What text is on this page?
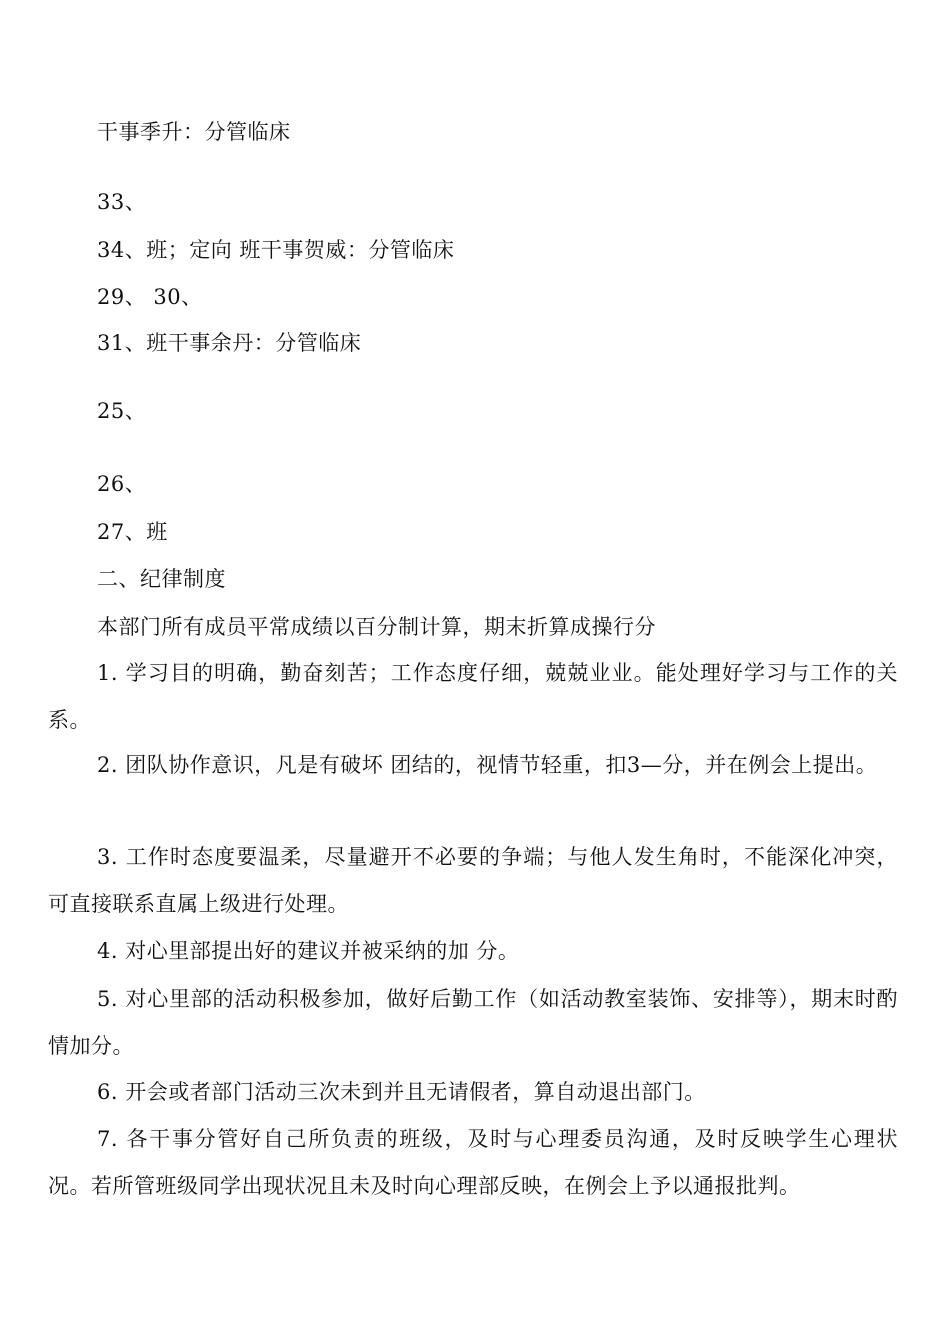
干事季升：分管临床
33、
34、班；定向 班干事贺威：分管临床
29、 30、
31、班干事余丹：分管临床
25、
26、
27、班
二、纪律制度
本部门所有成员平常成绩以百分制计算，期末折算成操行分
1. 学习目的明确，勤奋刻苦；工作态度仔细，兢兢业业。能处理好学习与工作的关系。
2. 团队协作意识，凡是有破坏 团结的，视情节轻重，扣3—分，并在例会上提出。
3. 工作时态度要温柔，尽量避开不必要的争端；与他人发生角时，不能深化冲突，可直接联系直属上级进行处理。
4. 对心里部提出好的建议并被采纳的加 分。
5. 对心里部的活动积极参加，做好后勤工作（如活动教室装饰、安排等），期末时酌情加分。
6. 开会或者部门活动三次未到并且无请假者，算自动退出部门。
7. 各干事分管好自己所负责的班级，及时与心理委员沟通，及时反映学生心理状况。若所管班级同学出现状况且未及时向心理部反映，在例会上予以通报批判。
